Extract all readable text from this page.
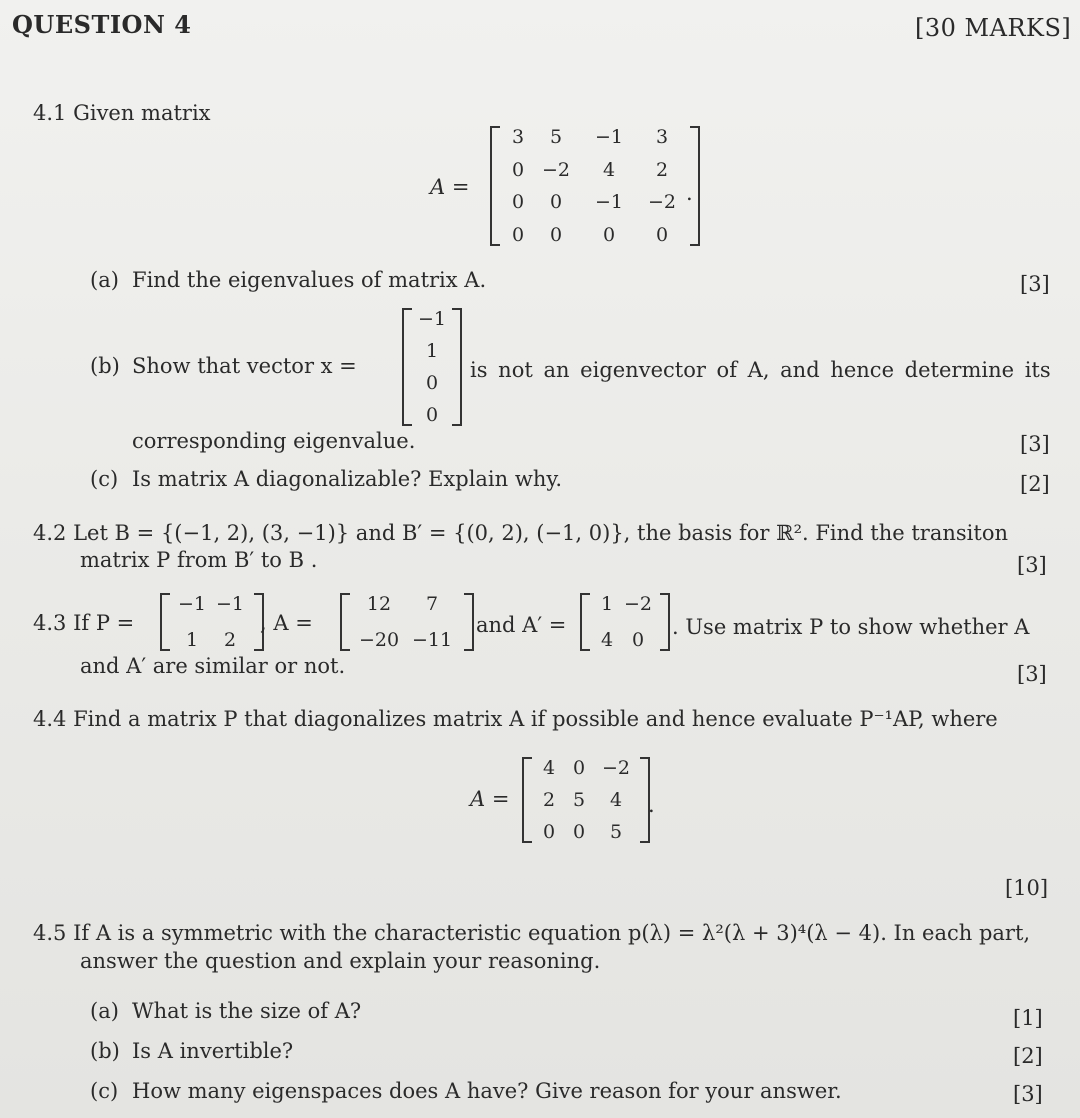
QUESTION 4	[30 MARKS]
4.1 Given matrix
A =
3	5	−1	3
0 −2	4	2
0	0	−1	−2
0	0	0	0
.
(a) Find the eigenvalues of matrix A.	[3]
(b) Show that vector x =
−1
1
0
0
is not an eigenvector of A, and hence determine its
corresponding eigenvalue.	[3]
(c) Is matrix A diagonalizable? Explain why.	[2]
4.2 Let B = {(−1, 2), (3, −1)} and B′ = {(0, 2), (−1, 0)}, the basis for ℝ². Find the transiton
matrix P from B′ to B .	[3]
4.3 If P =
−1 −1
1	2
, A =
12	7
−20 −11
and A′ =
1 −2
4 0
. Use matrix P to show whether A
and A′ are similar or not.	[3]
4.4 Find a matrix P that diagonalizes matrix A if possible and hence evaluate P⁻¹AP, where
A =
4 0 −2
2 5	4
0 0	5
.
[10]
4.5 If A is a symmetric with the characteristic equation p(λ) = λ²(λ + 3)⁴(λ − 4). In each part,
answer the question and explain your reasoning.
(a) What is the size of A?	[1]
(b) Is A invertible?	[2]
(c) How many eigenspaces does A have? Give reason for your answer.	[3]
